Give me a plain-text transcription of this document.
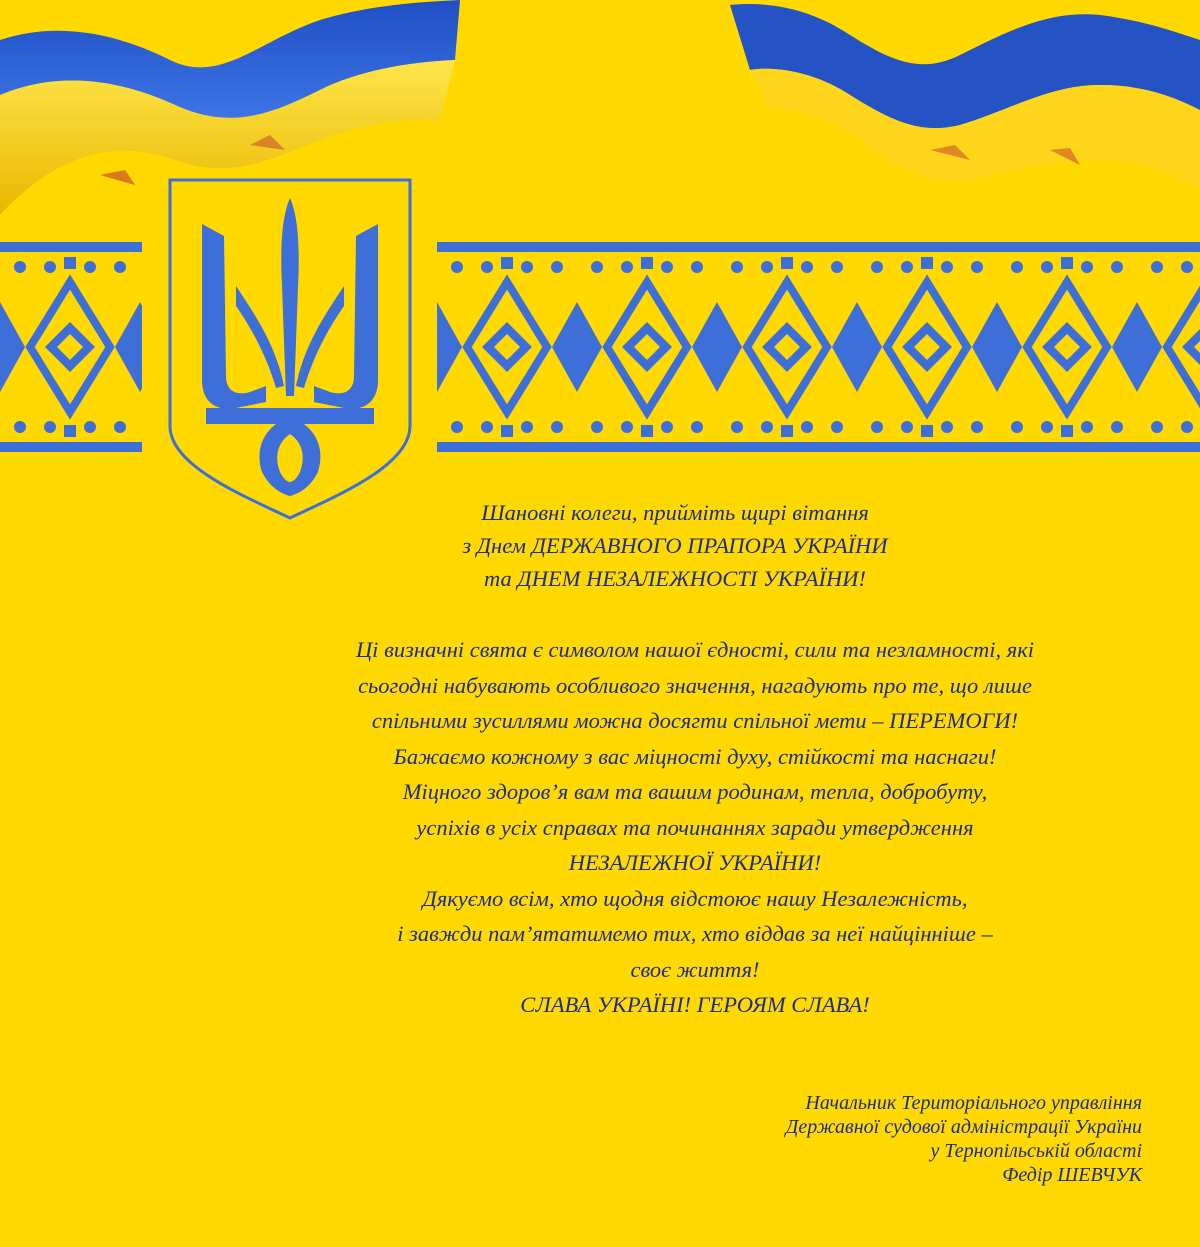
Шановні колеги, прийміть щирі вітання
з Днем ДЕРЖАВНОГО ПРАПОРА УКРАЇНИ
та ДНЕМ НЕЗАЛЕЖНОСТІ УКРАЇНИ!
Ці визначні свята є символом нашої єдності, сили та незламності, які
сьогодні набувають особливого значення, нагадують про те, що лише
спільними зусиллями можна досягти спільної мети – ПЕРЕМОГИ!
Бажаємо кожному з вас міцності духу, стійкості та наснаги!
Міцного здоров’я вам та вашим родинам, тепла, добробуту,
успіхів в усіх справах та починаннях заради утвердження
НЕЗАЛЕЖНОЇ УКРАЇНИ!
Дякуємо всім, хто щодня відстоює нашу Незалежність,
і завжди пам’ятатимемо тих, хто віддав за неї найцінніше –
своє життя!
СЛАВА УКРАЇНІ! ГЕРОЯМ СЛАВА!
Начальник Територіального управління
Державної судової адміністрації України
у Тернопільській області
Федір ШЕВЧУК
